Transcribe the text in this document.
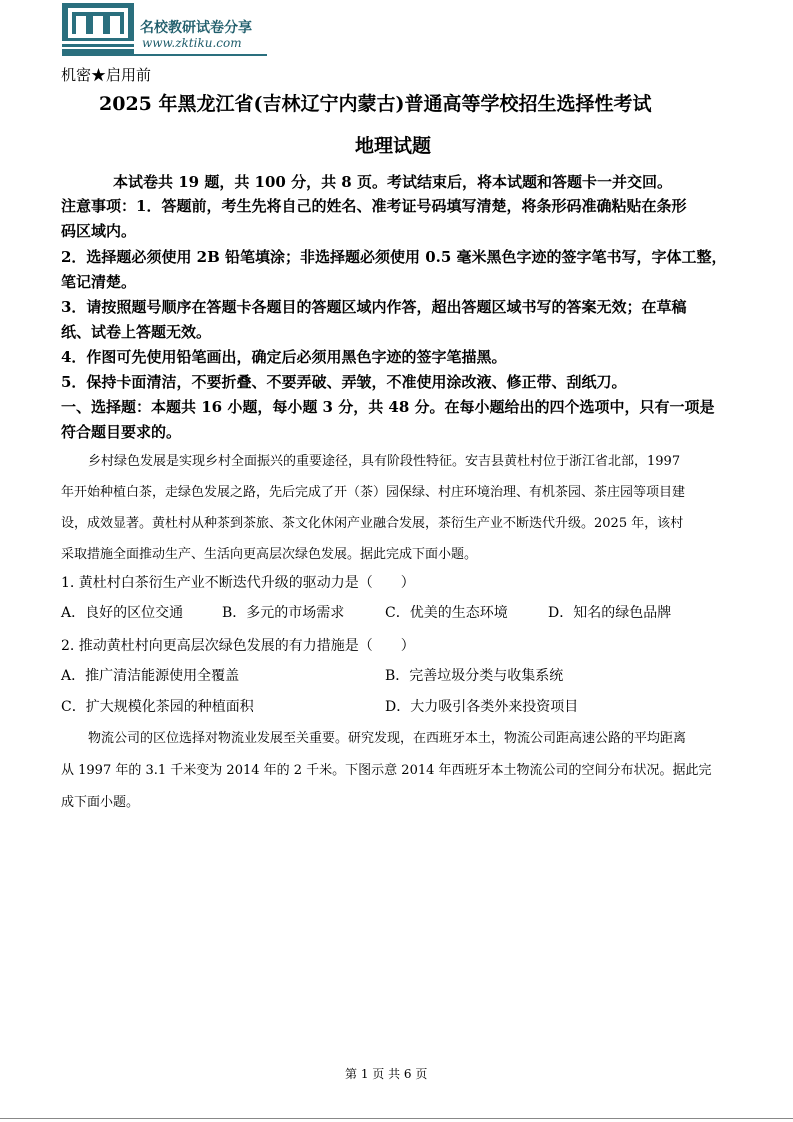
名校教研试卷分享
www.zktiku.com
机密★启用前
2025 年黑龙江省(吉林辽宁内蒙古)普通高等学校招生选择性考试
地理试题
本试卷共 19 题，共 100 分，共 8 页。考试结束后，将本试题和答题卡一并交回。
注意事项：1．答题前，考生先将自己的姓名、准考证号码填写清楚，将条形码准确粘贴在条形
码区域内。
2．选择题必须使用 2B 铅笔填涂；非选择题必须使用 0.5 毫米黑色字迹的签字笔书写，字体工整，
笔记清楚。
3．请按照题号顺序在答题卡各题目的答题区域内作答，超出答题区域书写的答案无效；在草稿
纸、试卷上答题无效。
4．作图可先使用铅笔画出，确定后必须用黑色字迹的签字笔描黑。
5．保持卡面清洁，不要折叠、不要弄破、弄皱，不准使用涂改液、修正带、刮纸刀。
一、选择题：本题共 16 小题，每小题 3 分，共 48 分。在每小题给出的四个选项中，只有一项是
符合题目要求的。
乡村绿色发展是实现乡村全面振兴的重要途径，具有阶段性特征。安吉县黄杜村位于浙江省北部，1997
年开始种植白茶，走绿色发展之路，先后完成了开（茶）园保绿、村庄环境治理、有机茶园、茶庄园等项目建
设，成效显著。黄杜村从种茶到茶旅、茶文化休闲产业融合发展，茶衍生产业不断迭代升级。2025 年，该村
采取措施全面推动生产、生活向更高层次绿色发展。据此完成下面小题。
1. 黄杜村白茶衍生产业不断迭代升级的驱动力是（　　）
A．良好的区位交通	B．多元的市场需求	C．优美的生态环境	D．知名的绿色品牌
2. 推动黄杜村向更高层次绿色发展的有力措施是（　　）
A．推广清洁能源使用全覆盖	B．完善垃圾分类与收集系统
C．扩大规模化茶园的种植面积	D．大力吸引各类外来投资项目
物流公司的区位选择对物流业发展至关重要。研究发现，在西班牙本土，物流公司距高速公路的平均距离
从 1997 年的 3.1 千米变为 2014 年的 2 千米。下图示意 2014 年西班牙本土物流公司的空间分布状况。据此完
成下面小题。
第 1 页 共 6 页
